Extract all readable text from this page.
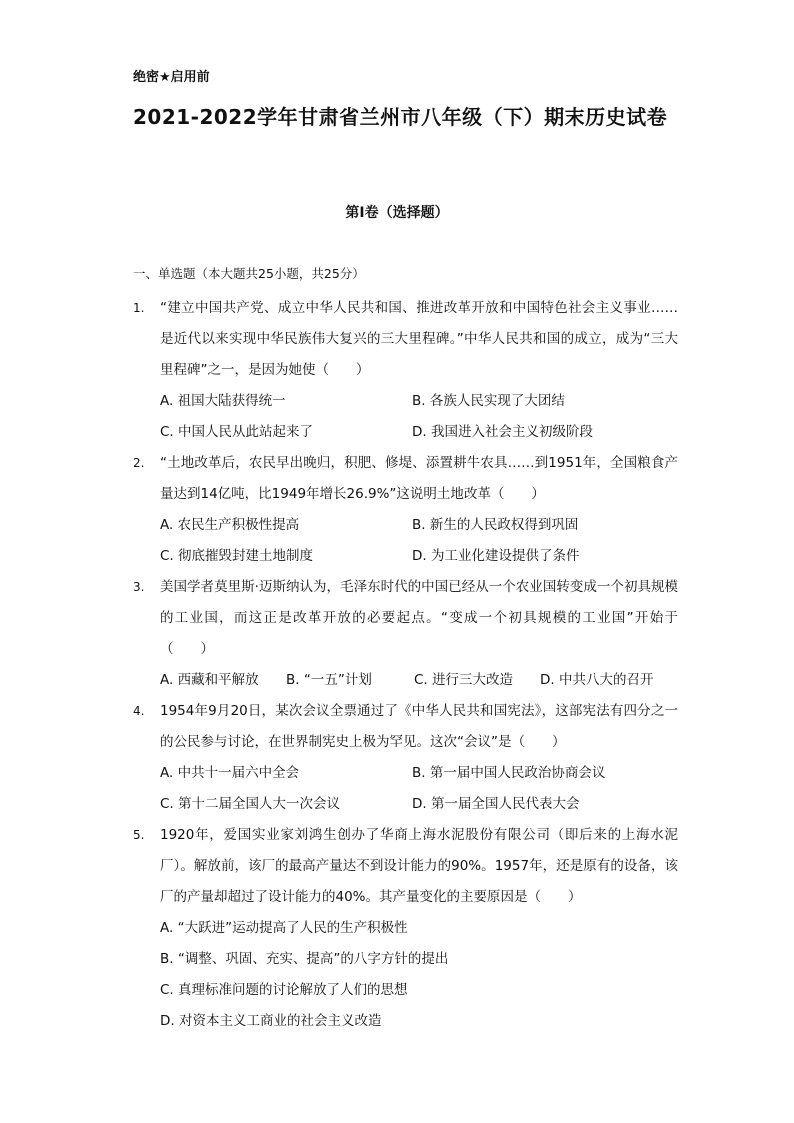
绝密★启用前
2021-2022学年甘肃省兰州市八年级（下）期末历史试卷
第Ⅰ卷（选择题）
一、单选题（本大题共25小题，共25分）
1. “建立中国共产党、成立中华人民共和国、推进改革开放和中国特色社会主义事业……是近代以来实现中华民族伟大复兴的三大里程碑。”中华人民共和国的成立，成为“三大里程碑”之一，是因为她使（　　）

A. 祖国大陆获得统一	B. 各族人民实现了大团结
C. 中国人民从此站起来了	D. 我国进入社会主义初级阶段
2. “土地改革后，农民早出晚归，积肥、修堤、添置耕牛农具……到1951年，全国粮食产量达到14亿吨，比1949年增长26.9%”这说明土地改革（　　）

A. 农民生产积极性提高	B. 新生的人民政权得到巩固
C. 彻底摧毁封建土地制度	D. 为工业化建设提供了条件
3. 美国学者莫里斯·迈斯纳认为，毛泽东时代的中国已经从一个农业国转变成一个初具规模的工业国，而这正是改革开放的必要起点。“变成一个初具规模的工业国”开始于（　　）

A. 西藏和平解放	B. “一五”计划	C. 进行三大改造	D. 中共八大的召开
4. 1954年9月20日，某次会议全票通过了《中华人民共和国宪法》，这部宪法有四分之一的公民参与讨论，在世界制宪史上极为罕见。这次“会议”是（　　）

A. 中共十一届六中全会	B. 第一届中国人民政治协商会议
C. 第十二届全国人大一次会议	D. 第一届全国人民代表大会
5. 1920年，爱国实业家刘鸿生创办了华商上海水泥股份有限公司（即后来的上海水泥厂）。解放前，该厂的最高产量达不到设计能力的90%。1957年，还是原有的设备，该厂的产量却超过了设计能力的40%。其产量变化的主要原因是（　　）

A. “大跃进”运动提高了人民的生产积极性
B. “调整、巩固、充实、提高”的八字方针的提出
C. 真理标准问题的讨论解放了人们的思想
D. 对资本主义工商业的社会主义改造
